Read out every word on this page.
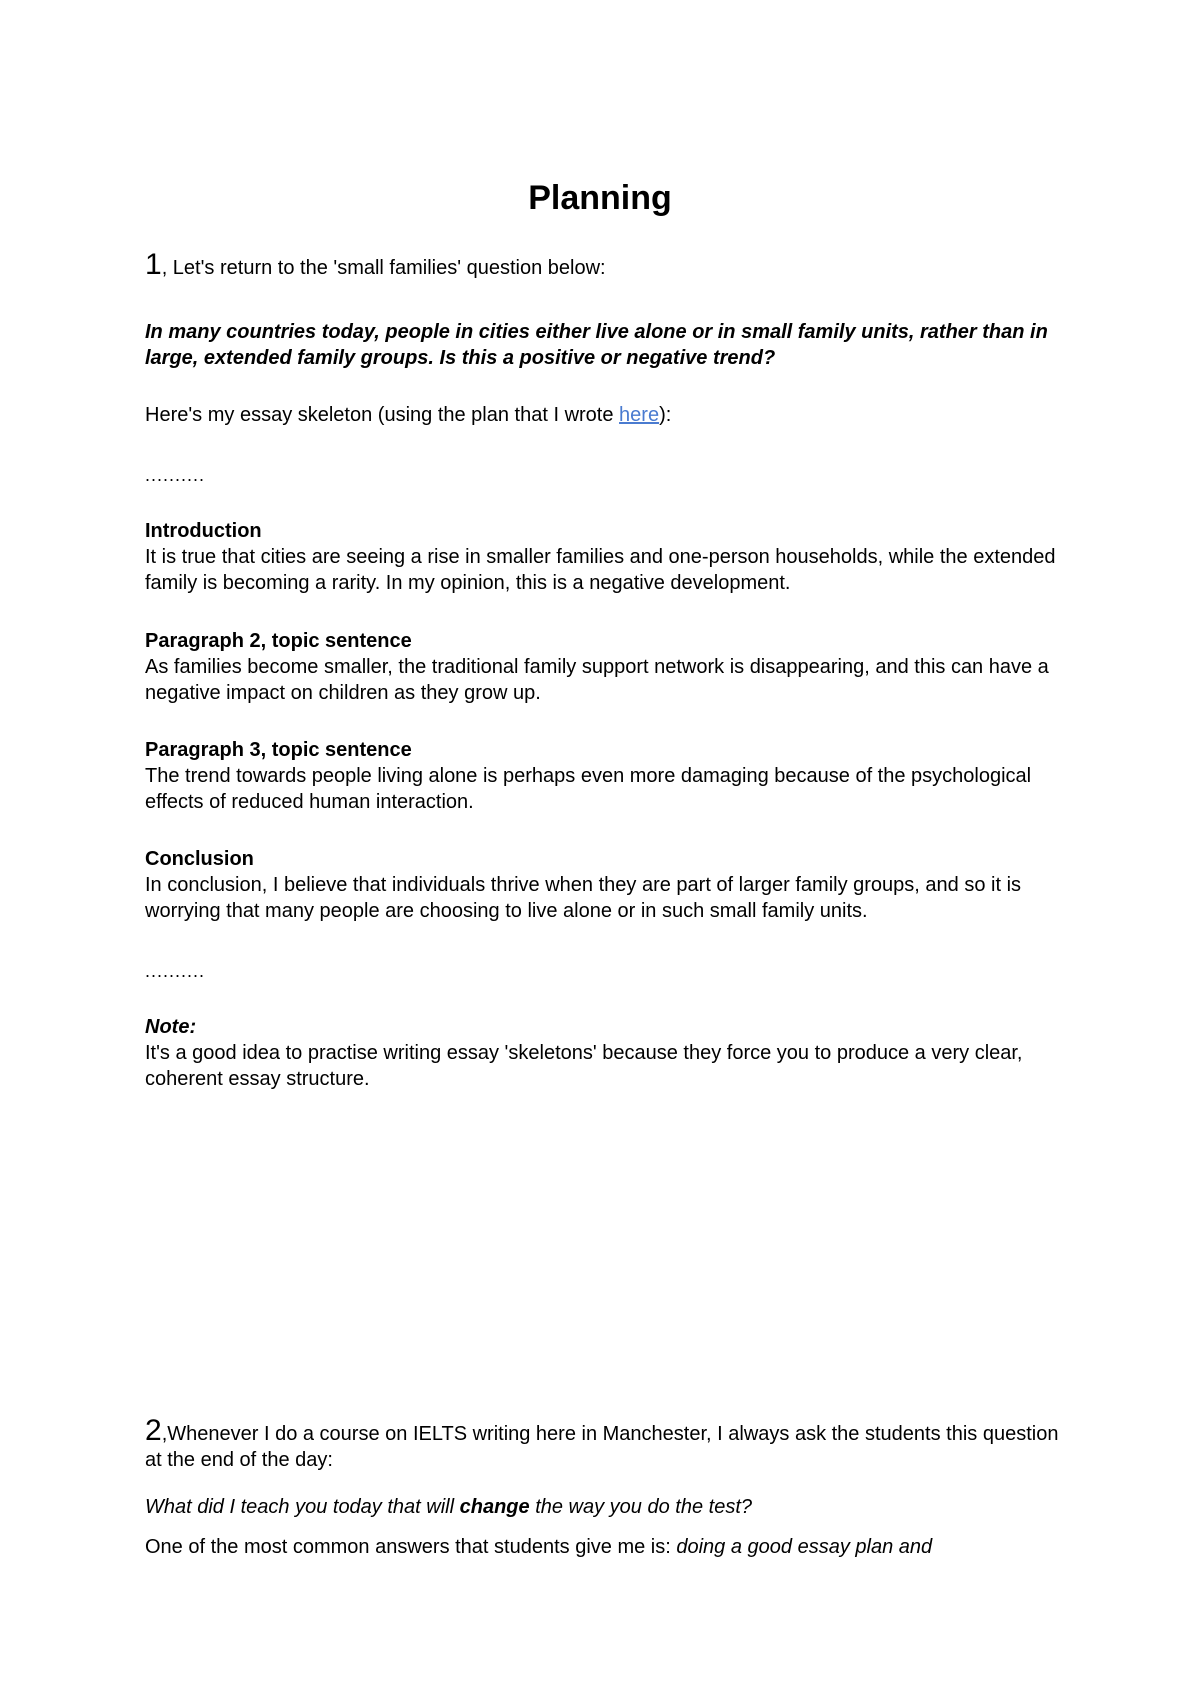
Planning
1, Let's return to the 'small families' question below:
In many countries today, people in cities either live alone or in small family units, rather than in large, extended family groups. Is this a positive or negative trend?
Here's my essay skeleton (using the plan that I wrote here):
..........
Introduction
It is true that cities are seeing a rise in smaller families and one-person households, while the extended family is becoming a rarity. In my opinion, this is a negative development.
Paragraph 2, topic sentence
As families become smaller, the traditional family support network is disappearing, and this can have a negative impact on children as they grow up.
Paragraph 3, topic sentence
The trend towards people living alone is perhaps even more damaging because of the psychological effects of reduced human interaction.
Conclusion
In conclusion, I believe that individuals thrive when they are part of larger family groups, and so it is worrying that many people are choosing to live alone or in such small family units.
..........
Note:
It's a good idea to practise writing essay 'skeletons' because they force you to produce a very clear, coherent essay structure.
2,Whenever I do a course on IELTS writing here in Manchester, I always ask the students this question at the end of the day:
What did I teach you today that will change the way you do the test?
One of the most common answers that students give me is: doing a good essay plan and
